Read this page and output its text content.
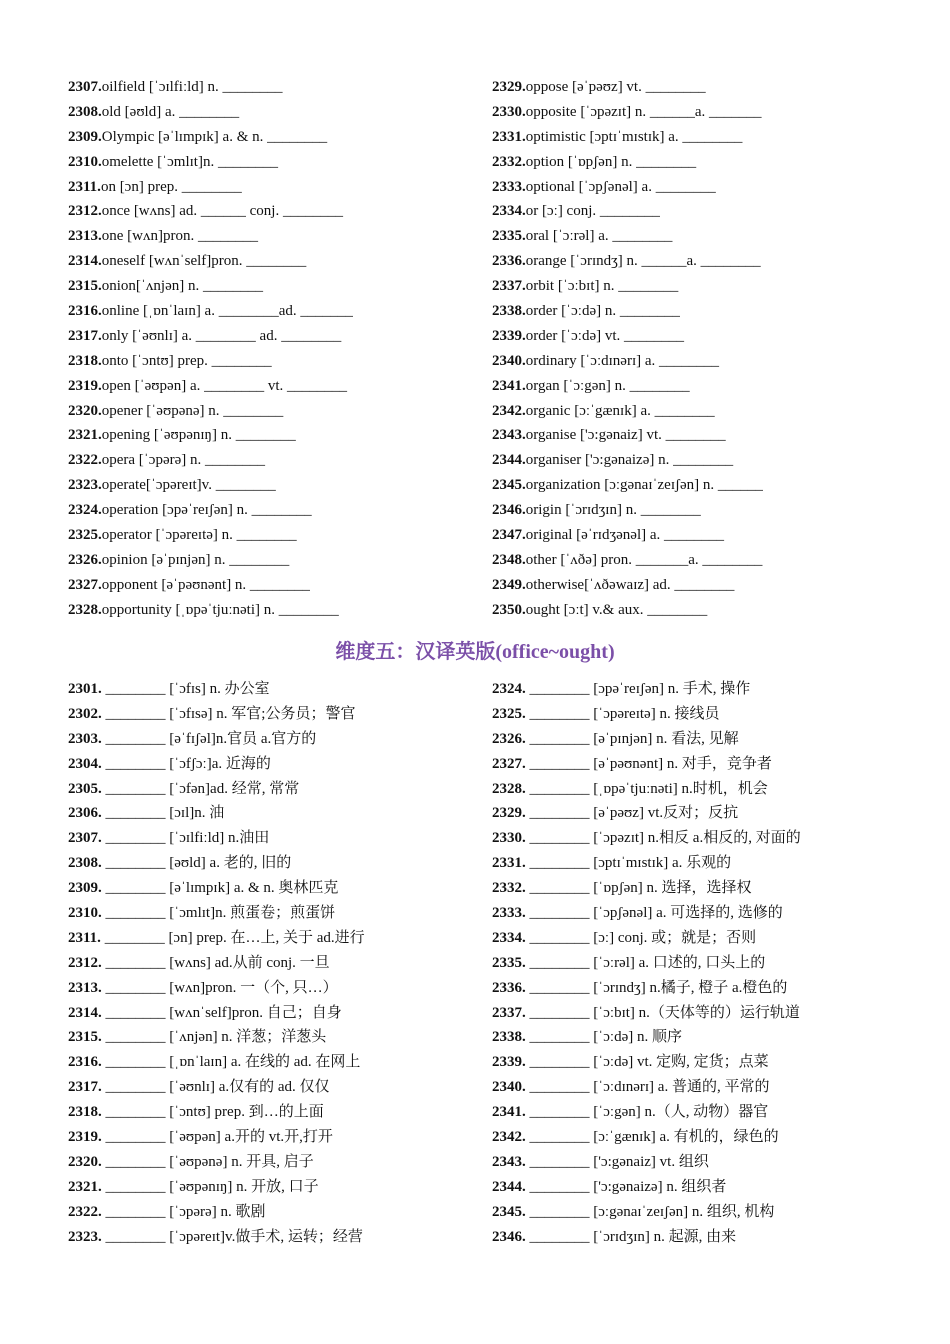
2307.oilfield [ˈɔɪlfiːld] n. ________
2308.old [əʊld] a. ________
2309.Olympic [əˈlɪmpɪk] a. & n. ________
2310.omelette [ˈɔmlɪt]n. ________
2311.on [ɔn] prep. ________
2312.once [wʌns] ad. ______ conj. ________
2313.one [wʌn]pron. ________
2314.oneself [wʌnˈself]pron. ________
2315.onion[ˈʌnjən] n. ________
2316.online [ˌɒnˈlaɪn] a. ________ad. _______
2317.only [ˈəʊnlɪ] a. ________ ad. ________
2318.onto [ˈɔntʊ] prep. ________
2319.open [ˈəʊpən] a. ________ vt. ________
2320.opener [ˈəʊpənə] n. ________
2321.opening [ˈəʊpənɪŋ] n. ________
2322.opera [ˈɔpərə] n. ________
2323.operate[ˈɔpəreɪt]v. ________
2324.operation [ɔpəˈreɪʃən] n. ________
2325.operator [ˈɔpəreɪtə] n. ________
2326.opinion [əˈpɪnjən] n. ________
2327.opponent [əˈpəʊnənt] n. ________
2328.opportunity [ˌɒpəˈtjuːnəti] n. ________
2329.oppose [əˈpəʊz] vt. ________
2330.opposite [ˈɔpəzɪt] n. ______a. _______
2331.optimistic [ɔptɪˈmɪstɪk] a. ________
2332.option [ˈɒpʃən] n. ________
2333.optional [ˈɔpʃənəl] a. ________
2334.or [ɔː] conj. ________
2335.oral [ˈɔːrəl] a. ________
2336.orange [ˈɔrɪndʒ] n. ______a. ________
2337.orbit [ˈɔːbɪt] n. ________
2338.order [ˈɔːdə] n. ________
2339.order [ˈɔːdə] vt. ________
2340.ordinary [ˈɔːdɪnərɪ] a. ________
2341.organ [ˈɔːgən] n. ________
2342.organic [ɔːˈgænɪk] a. ________
2343.organise ['ɔ:gənaiz] vt. ________
2344.organiser ['ɔ:gənaizə] n. ________
2345.organization [ɔːgənaɪˈzeɪʃən] n. ______
2346.origin [ˈɔrɪdʒɪn] n. ________
2347.original [əˈrɪdʒənəl] a. ________
2348.other [ˈʌðə] pron. _______a. ________
2349.otherwise[ˈʌðəwaɪz] ad. ________
2350.ought [ɔːt] v.& aux. ________
维度五：汉译英版(office~ought)
2301. ________ [ˈɔfɪs] n. 办公室
2302. ________ [ˈɔfɪsə] n. 军官;公务员；警官
2303. ________ [əˈfɪʃəl]n.官员 a.官方的
2304. ________ [ˈɔfʃɔː]a. 近海的
2305. ________ [ˈɔfən]ad. 经常, 常常
2306. ________ [ɔɪl]n. 油
2307. ________ [ˈɔɪlfiːld] n.油田
2308. ________ [əʊld] a. 老的, 旧的
2309. ________ [əˈlɪmpɪk] a. & n. 奥林匹克
2310. ________ [ˈɔmlɪt]n. 煎蛋卷；煎蛋饼
2311. ________ [ɔn] prep. 在…上, 关于 ad.进行
2312. ________ [wʌns] ad.从前 conj. 一旦
2313. ________ [wʌn]pron. 一（个, 只…）
2314. ________ [wʌnˈself]pron. 自己；自身
2315. ________ [ˈʌnjən] n. 洋葱；洋葱头
2316. ________ [ˌɒnˈlaɪn] a. 在线的 ad. 在网上
2317. ________ [ˈəʊnlɪ] a.仅有的 ad. 仅仅
2318. ________ [ˈɔntʊ] prep. 到…的上面
2319. ________ [ˈəʊpən] a.开的 vt.开,打开
2320. ________ [ˈəʊpənə] n. 开具, 启子
2321. ________ [ˈəʊpənɪŋ] n. 开放, 口子
2322. ________ [ˈɔpərə] n. 歌剧
2323. ________ [ˈɔpəreɪt]v.做手术, 运转；经营
2324. ________ [ɔpəˈreɪʃən] n. 手术, 操作
2325. ________ [ˈɔpəreɪtə] n. 接线员
2326. ________ [əˈpɪnjən] n. 看法, 见解
2327. ________ [əˈpəʊnənt] n. 对手，竞争者
2328. ________ [ˌɒpəˈtjuːnəti] n.时机，机会
2329. ________ [əˈpəʊz] vt.反对；反抗
2330. ________ [ˈɔpəzɪt] n.相反 a.相反的, 对面的
2331. ________ [ɔptɪˈmɪstɪk] a. 乐观的
2332. ________ [ˈɒpʃən] n. 选择，选择权
2333. ________ [ˈɔpʃənəl] a. 可选择的, 选修的
2334. ________ [ɔː] conj. 或；就是；否则
2335. ________ [ˈɔːrəl] a. 口述的, 口头上的
2336. ________ [ˈɔrɪndʒ] n.橘子, 橙子 a.橙色的
2337. ________ [ˈɔːbɪt] n.（天体等的）运行轨道
2338. ________ [ˈɔːdə] n. 顺序
2339. ________ [ˈɔːdə] vt. 定购, 定货；点菜
2340. ________ [ˈɔːdɪnərɪ] a. 普通的, 平常的
2341. ________ [ˈɔːgən] n.（人, 动物）器官
2342. ________ [ɔːˈgænɪk] a. 有机的，绿色的
2343. ________ ['ɔ:gənaiz] vt. 组织
2344. ________ ['ɔ:gənaizə] n. 组织者
2345. ________ [ɔːgənaɪˈzeɪʃən] n. 组织, 机构
2346. ________ [ˈɔrɪdʒɪn] n. 起源, 由来
